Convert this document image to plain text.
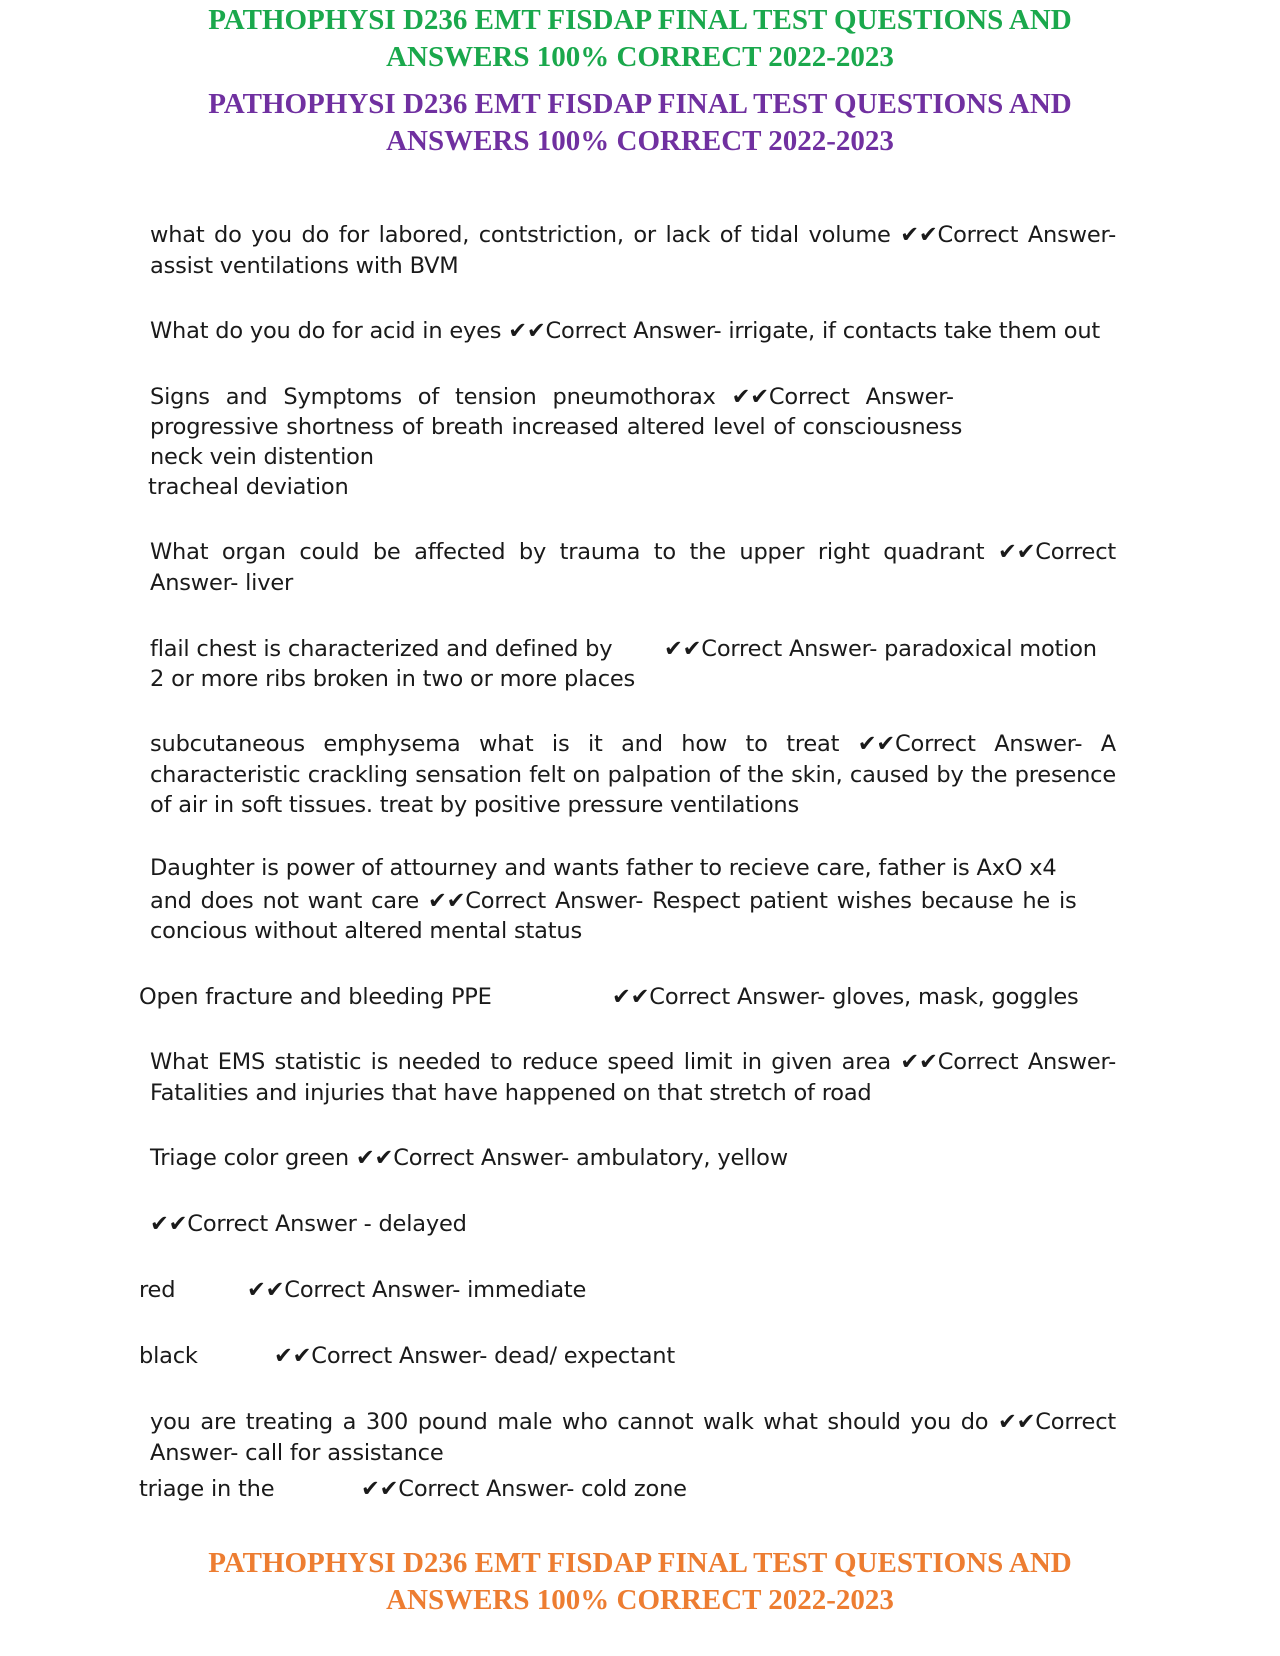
PATHOPHYSI D236 EMT FISDAP FINAL TEST QUESTIONS AND
ANSWERS 100% CORRECT 2022-2023
PATHOPHYSI D236 EMT FISDAP FINAL TEST QUESTIONS AND
ANSWERS 100% CORRECT 2022-2023
what do you do for labored, contstriction, or lack of tidal volume ✔✔Correct Answer- assist ventilations with BVM
What do you do for acid in eyes ✔✔Correct Answer- irrigate, if contacts take them out
Signs and Symptoms of tension pneumothorax ✔✔Correct Answer-
progressive shortness of breath increased altered level of consciousness
neck vein distention
tracheal deviation
What organ could be affected by trauma to the upper right quadrant ✔✔Correct Answer- liver
flail chest is characterized and defined by ✔✔Correct Answer- paradoxical motion
2 or more ribs broken in two or more places
subcutaneous emphysema what is it and how to treat ✔✔Correct Answer- A characteristic crackling sensation felt on palpation of the skin, caused by the presence of air in soft tissues. treat by positive pressure ventilations
Daughter is power of attourney and wants father to recieve care, father is AxO x4
and does not want care ✔✔Correct Answer- Respect patient wishes because he is
concious without altered mental status
Open fracture and bleeding PPE	✔✔Correct Answer- gloves, mask, goggles
What EMS statistic is needed to reduce speed limit in given area ✔✔Correct Answer- Fatalities and injuries that have happened on that stretch of road
Triage color green ✔✔Correct Answer- ambulatory, yellow
✔✔Correct Answer - delayed
red	✔✔Correct Answer- immediate
black	✔✔Correct Answer- dead/ expectant
you are treating a 300 pound male who cannot walk what should you do ✔✔Correct Answer- call for assistance
triage in the	✔✔Correct Answer- cold zone
PATHOPHYSI D236 EMT FISDAP FINAL TEST QUESTIONS AND
ANSWERS 100% CORRECT 2022-2023
